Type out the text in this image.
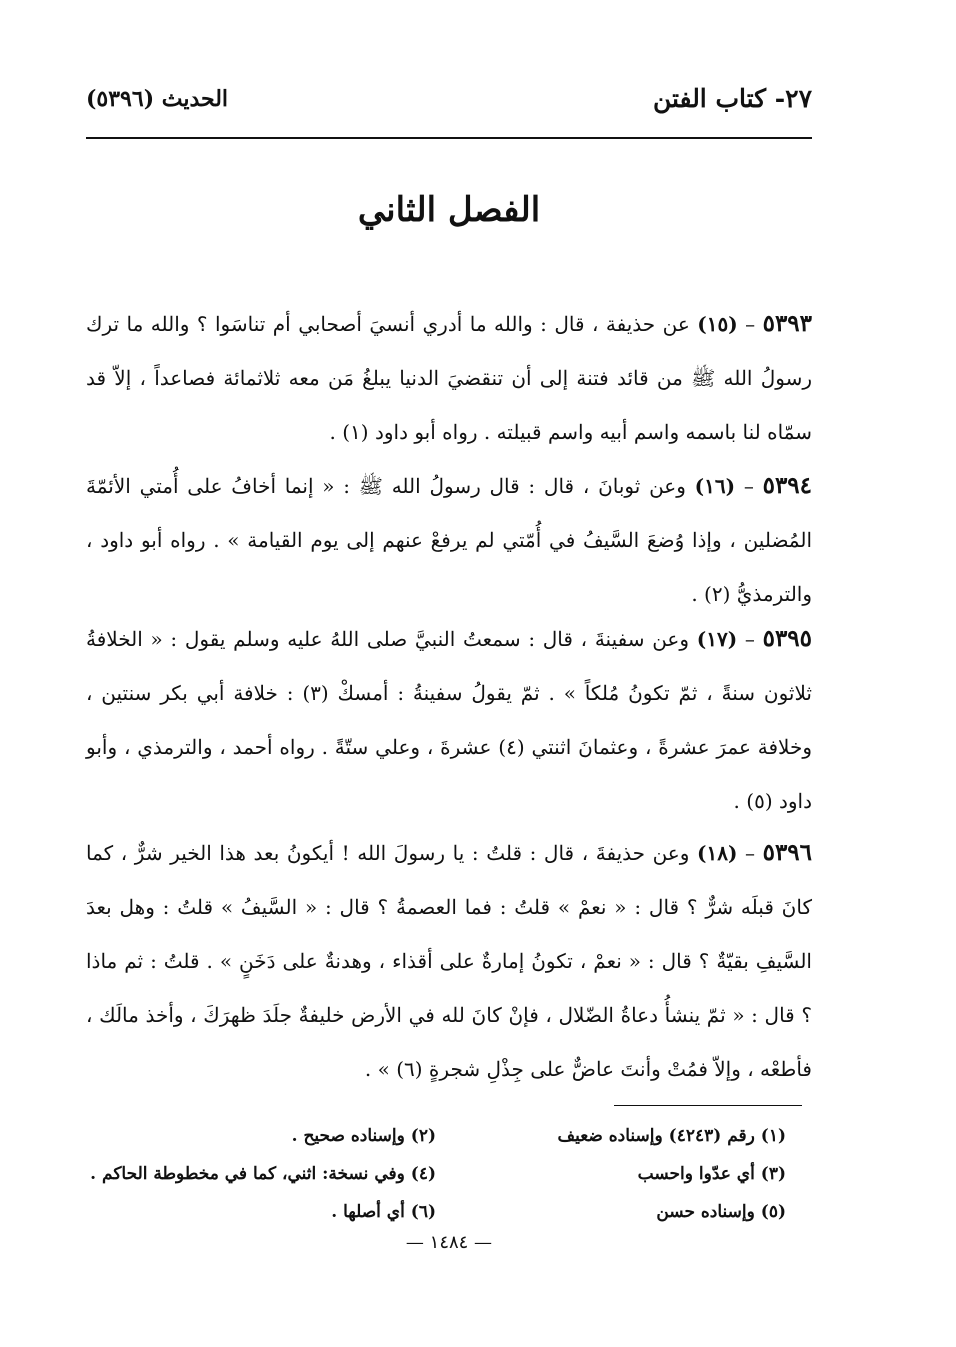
٢٧- كتاب الفتن
الحديث (٥٣٩٦)
الفصل الثاني
٥٣٩٣ – (١٥) عن حذيفة ، قال : والله ما أدري أنسيَ أصحابي أم تناسَوا ؟ والله ما ترك رسولُ الله ﷺ من قائد فتنة إلى أن تنقضيَ الدنيا يبلغُ مَن معه ثلاثمائة فصاعداً ، إلاّ قد سمّاه لنا باسمه واسم أبيه واسم قبيلته . رواه أبو داود (١) .
٥٣٩٤ – (١٦) وعن ثوبانَ ، قال : قال رسولُ الله ﷺ : « إنما أخافُ على أُمتي الأئمّةَ المُضلين ، وإذا وُضعَ السَّيفُ في أُمّتي لم يرفعْ عنهم إلى يوم القيامة » . رواه أبو داود ، والترمذيُّ (٢) .
٥٣٩٥ – (١٧) وعن سفينةَ ، قال : سمعتُ النبيَّ صلى اللهُ عليه وسلم يقول : « الخلافةُ ثلاثون سنةً ، ثمّ تكونُ مُلكاً » . ثمّ يقولُ سفينةُ : أمسكْ (٣) : خلافة أبي بكر سنتين ، وخلافة عمرَ عشرةً ، وعثمانَ اثنتي (٤) عشرةَ ، وعلي ستّةً . رواه أحمد ، والترمذي ، وأبو داود (٥) .
٥٣٩٦ – (١٨) وعن حذيفةَ ، قال : قلتُ : يا رسولَ الله ! أيكونُ بعد هذا الخير شرٌّ ، كما كانَ قبلَه شرٌّ ؟ قال : « نعمْ » قلتُ : فما العصمةُ ؟ قال : « السَّيفُ » قلتُ : وهل بعدَ السَّيفِ بقيّةٌ ؟ قال : « نعمْ ، تكونُ إمارةٌ على أقذاء ، وهدنةٌ على دَخَنٍ » . قلتُ : ثم ماذا ؟ قال : « ثمّ ينشأُ دعاةُ الضّلال ، فإنْ كانَ لله في الأرض خليفةٌ جلَدَ ظهرَكَ ، وأخذ مالَك ، فأطعْه ، وإلاّ فمُتْ وأنتَ عاضٌّ على جِذْلِ شجرةٍ (٦) » .
(١) رقم (٤٢٤٣) وإسناده ضعيف
(٢) وإسناده صحيح .
(٣) أي عدّوا واحسب
(٤) وفي نسخة: اثني، كما في مخطوطة الحاكم .
(٥) وإسناده حسن
(٦) أي أصلها .
— ١٤٨٤ —
